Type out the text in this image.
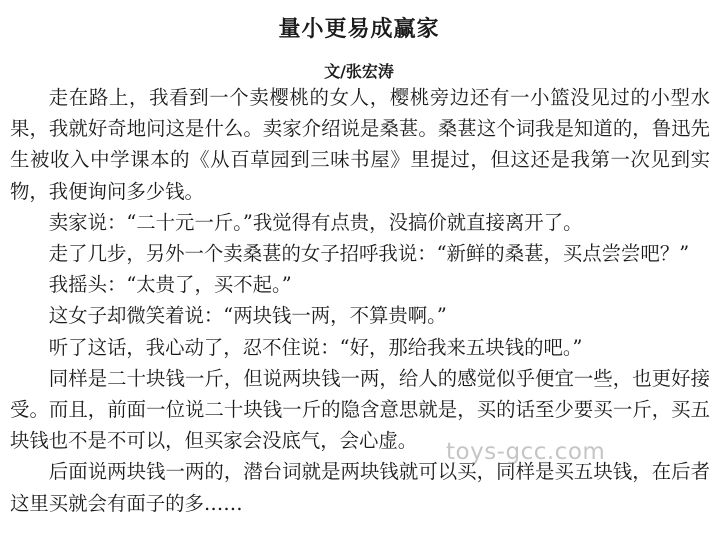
量小更易成赢家
文/张宏涛

走在路上，我看到一个卖樱桃的女人，樱桃旁边还有一小篮没见过的小型水果，我就好奇地问这是什么。卖家介绍说是桑葚。桑葚这个词我是知道的，鲁迅先生被收入中学课本的《从百草园到三味书屋》里提过，但这还是我第一次见到实物，我便询问多少钱。

卖家说：“二十元一斤。”我觉得有点贵，没搞价就直接离开了。

走了几步，另外一个卖桑葚的女子招呼我说：“新鲜的桑葚，买点尝尝吧？”

我摇头：“太贵了，买不起。”

这女子却微笑着说：“两块钱一两，不算贵啊。”

听了这话，我心动了，忍不住说：“好，那给我来五块钱的吧。”

同样是二十块钱一斤，但说两块钱一两，给人的感觉似乎便宜一些，也更好接受。而且，前面一位说二十块钱一斤的隐含意思就是，买的话至少要买一斤，买五块钱也不是不可以，但买家会没底气，会心虚。

后面说两块钱一两的，潜台词就是两块钱就可以买，同样是买五块钱，在后者这里买就会有面子的多……

toys-gcc.com
